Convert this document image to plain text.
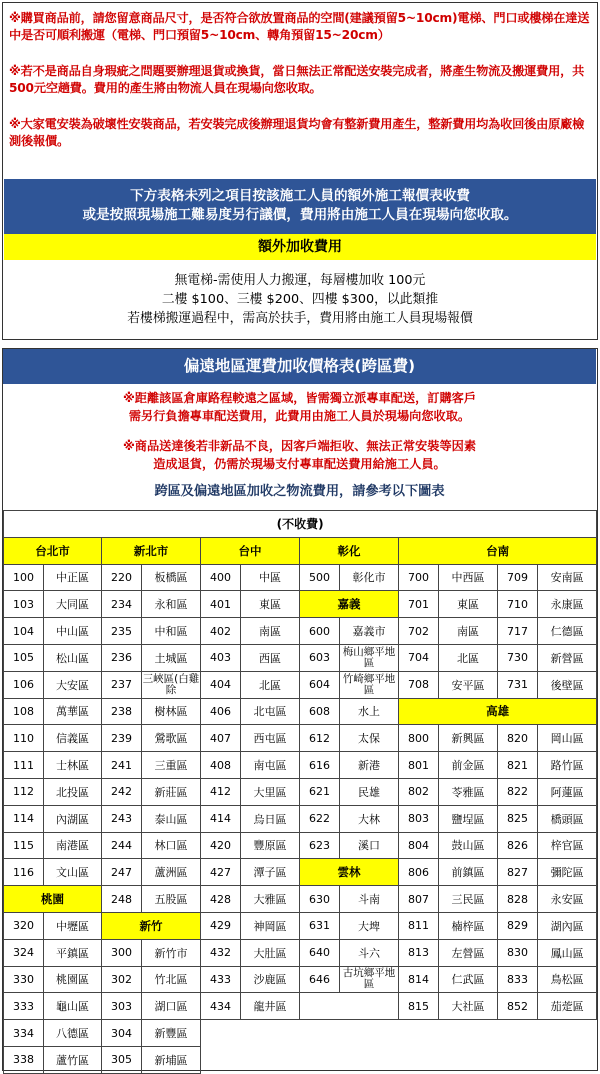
※購買商品前，請您留意商品尺寸，是否符合欲放置商品的空間(建議預留5~10cm)電梯、門口或樓梯在達送中是否可順利搬運（電梯、門口預留5~10cm、轉角預留15~20cm）
※若不是商品自身瑕疵之問題要辦理退貨或換貨，當日無法正常配送安裝完成者，將產生物流及搬運費用，共500元空趟費。費用的產生將由物流人員在現場向您收取。
※大家電安裝為破壞性安裝商品，若安裝完成後辦理退貨均會有整新費用產生，整新費用均為收回後由原廠檢測後報價。
下方表格未列之項目按該施工人員的額外施工報價表收費
或是按照現場施工難易度另行議價，費用將由施工人員在現場向您收取。
額外加收費用
無電梯-需使用人力搬運，每層樓加收 100元
二樓 $100、三樓 $200、四樓 $300，以此類推
若樓梯搬運過程中，需高於扶手，費用將由施工人員現場報價
偏遠地區運費加收價格表(跨區費)
※距離該區倉庫路程較遠之區域，皆需獨立派專車配送，訂購客戶
需另行負擔專車配送費用，此費用由施工人員於現場向您收取。
※商品送達後若非新品不良，因客戶端拒收、無法正常安裝等因素
造成退貨，仍需於現場支付專車配送費用給施工人員。
跨區及偏遠地區加收之物流費用，請參考以下圖表
(不收費)											
台北市		新北市		台中		彰化		台南			
100	中正區	220	板橋區	400	中區	500	彰化市	700	中西區	709	安南區
103	大同區	234	永和區	401	東區	嘉義		701	東區	710	永康區
104	中山區	235	中和區	402	南區	600	嘉義市	702	南區	717	仁德區
105	松山區	236	土城區	403	西區	603	梅山鄉平地區	704	北區	730	新營區
106	大安區	237	三峽區(白雞除	404	北區	604	竹崎鄉平地區	708	安平區	731	後壁區
108	萬華區	238	樹林區	406	北屯區	608	水上	高雄			
110	信義區	239	鶯歌區	407	西屯區	612	太保	800	新興區	820	岡山區
111	士林區	241	三重區	408	南屯區	616	新港	801	前金區	821	路竹區
112	北投區	242	新莊區	412	大里區	621	民雄	802	苓雅區	822	阿蓮區
114	內湖區	243	泰山區	414	烏日區	622	大林	803	鹽埕區	825	橋頭區
115	南港區	244	林口區	420	豐原區	623	溪口	804	鼓山區	826	梓官區
116	文山區	247	蘆洲區	427	潭子區	雲林		806	前鎮區	827	彌陀區
桃園		248	五股區	428	大雅區	630	斗南	807	三民區	828	永安區
320	中壢區	新竹		429	神岡區	631	大埤	811	楠梓區	829	湖內區
324	平鎮區	300	新竹市	432	大肚區	640	斗六	813	左營區	830	鳳山區
330	桃園區	302	竹北區	433	沙鹿區	646	古坑鄉平地區	814	仁武區	833	鳥松區
333	龜山區	303	湖口區	434	龍井區			815	大社區	852	茄萣區
334	八德區	304	新豐區								
338	蘆竹區	305	新埔區								
